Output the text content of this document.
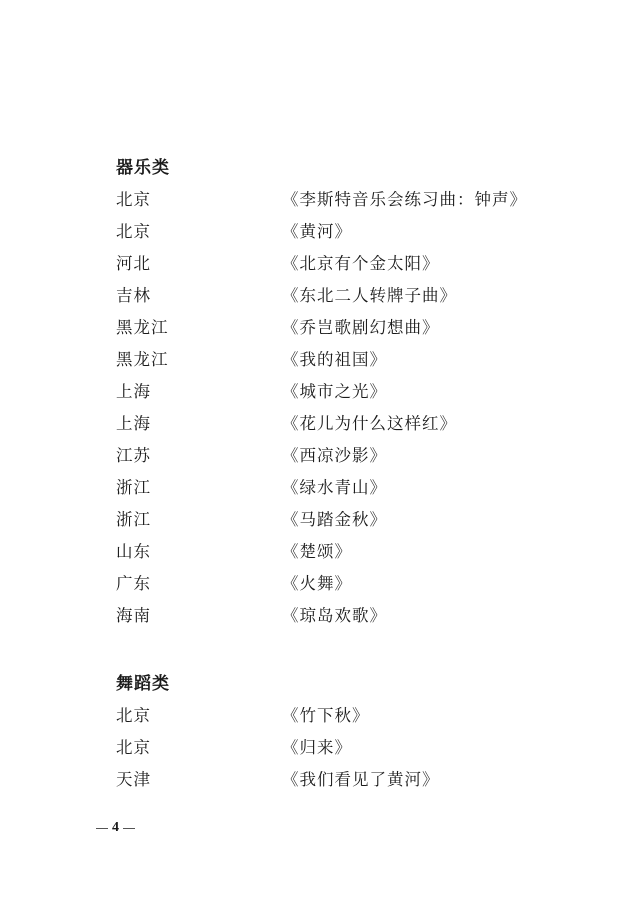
器乐类
北京	《李斯特音乐会练习曲：钟声》
北京	《黄河》
河北	《北京有个金太阳》
吉林	《东北二人转牌子曲》
黑龙江	《乔岂歌剧幻想曲》
黑龙江	《我的祖国》
上海	《城市之光》
上海	《花儿为什么这样红》
江苏	《西凉沙影》
浙江	《绿水青山》
浙江	《马踏金秋》
山东	《楚颂》
广东	《火舞》
海南	《琼岛欢歌》
舞蹈类
北京	《竹下秋》
北京	《归来》
天津	《我们看见了黄河》
4
